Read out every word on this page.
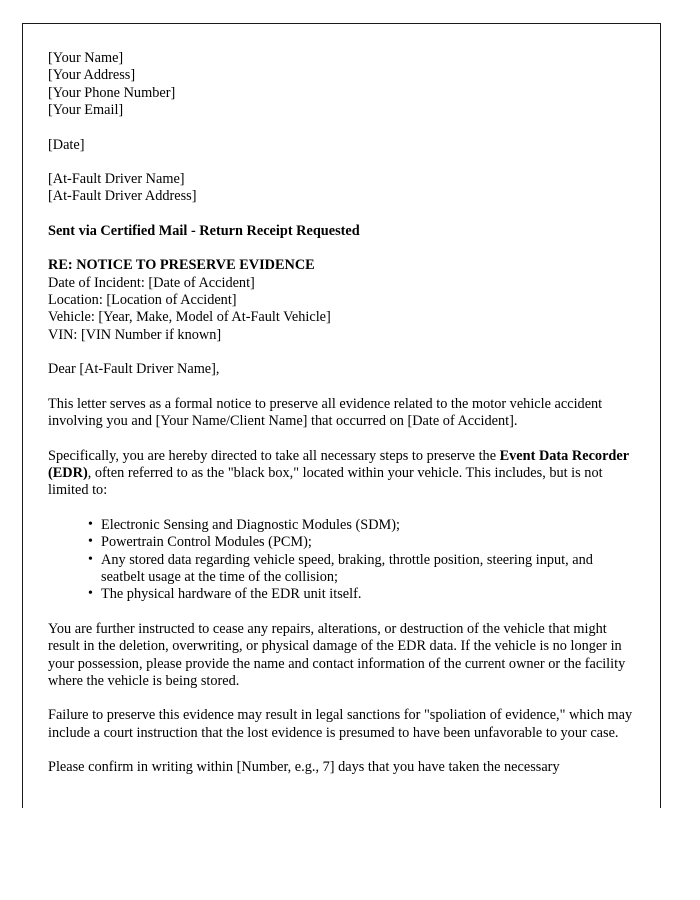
[Your Name]
[Your Address]
[Your Phone Number]
[Your Email]
[Date]
[At-Fault Driver Name]
[At-Fault Driver Address]
Sent via Certified Mail - Return Receipt Requested
RE: NOTICE TO PRESERVE EVIDENCE
Date of Incident: [Date of Accident]
Location: [Location of Accident]
Vehicle: [Year, Make, Model of At-Fault Vehicle]
VIN: [VIN Number if known]
Dear [At-Fault Driver Name],

This letter serves as a formal notice to preserve all evidence related to the motor vehicle accident involving you and [Your Name/Client Name] that occurred on [Date of Accident].

Specifically, you are hereby directed to take all necessary steps to preserve the Event Data Recorder (EDR), often referred to as the "black box," located within your vehicle. This includes, but is not limited to:

• Electronic Sensing and Diagnostic Modules (SDM);
• Powertrain Control Modules (PCM);
• Any stored data regarding vehicle speed, braking, throttle position, steering input, and seatbelt usage at the time of the collision;
• The physical hardware of the EDR unit itself.

You are further instructed to cease any repairs, alterations, or destruction of the vehicle that might result in the deletion, overwriting, or physical damage of the EDR data. If the vehicle is no longer in your possession, please provide the name and contact information of the current owner or the facility where the vehicle is being stored.

Failure to preserve this evidence may result in legal sanctions for "spoliation of evidence," which may include a court instruction that the lost evidence is presumed to have been unfavorable to your case.

Please confirm in writing within [Number, e.g., 7] days that you have taken the necessary
